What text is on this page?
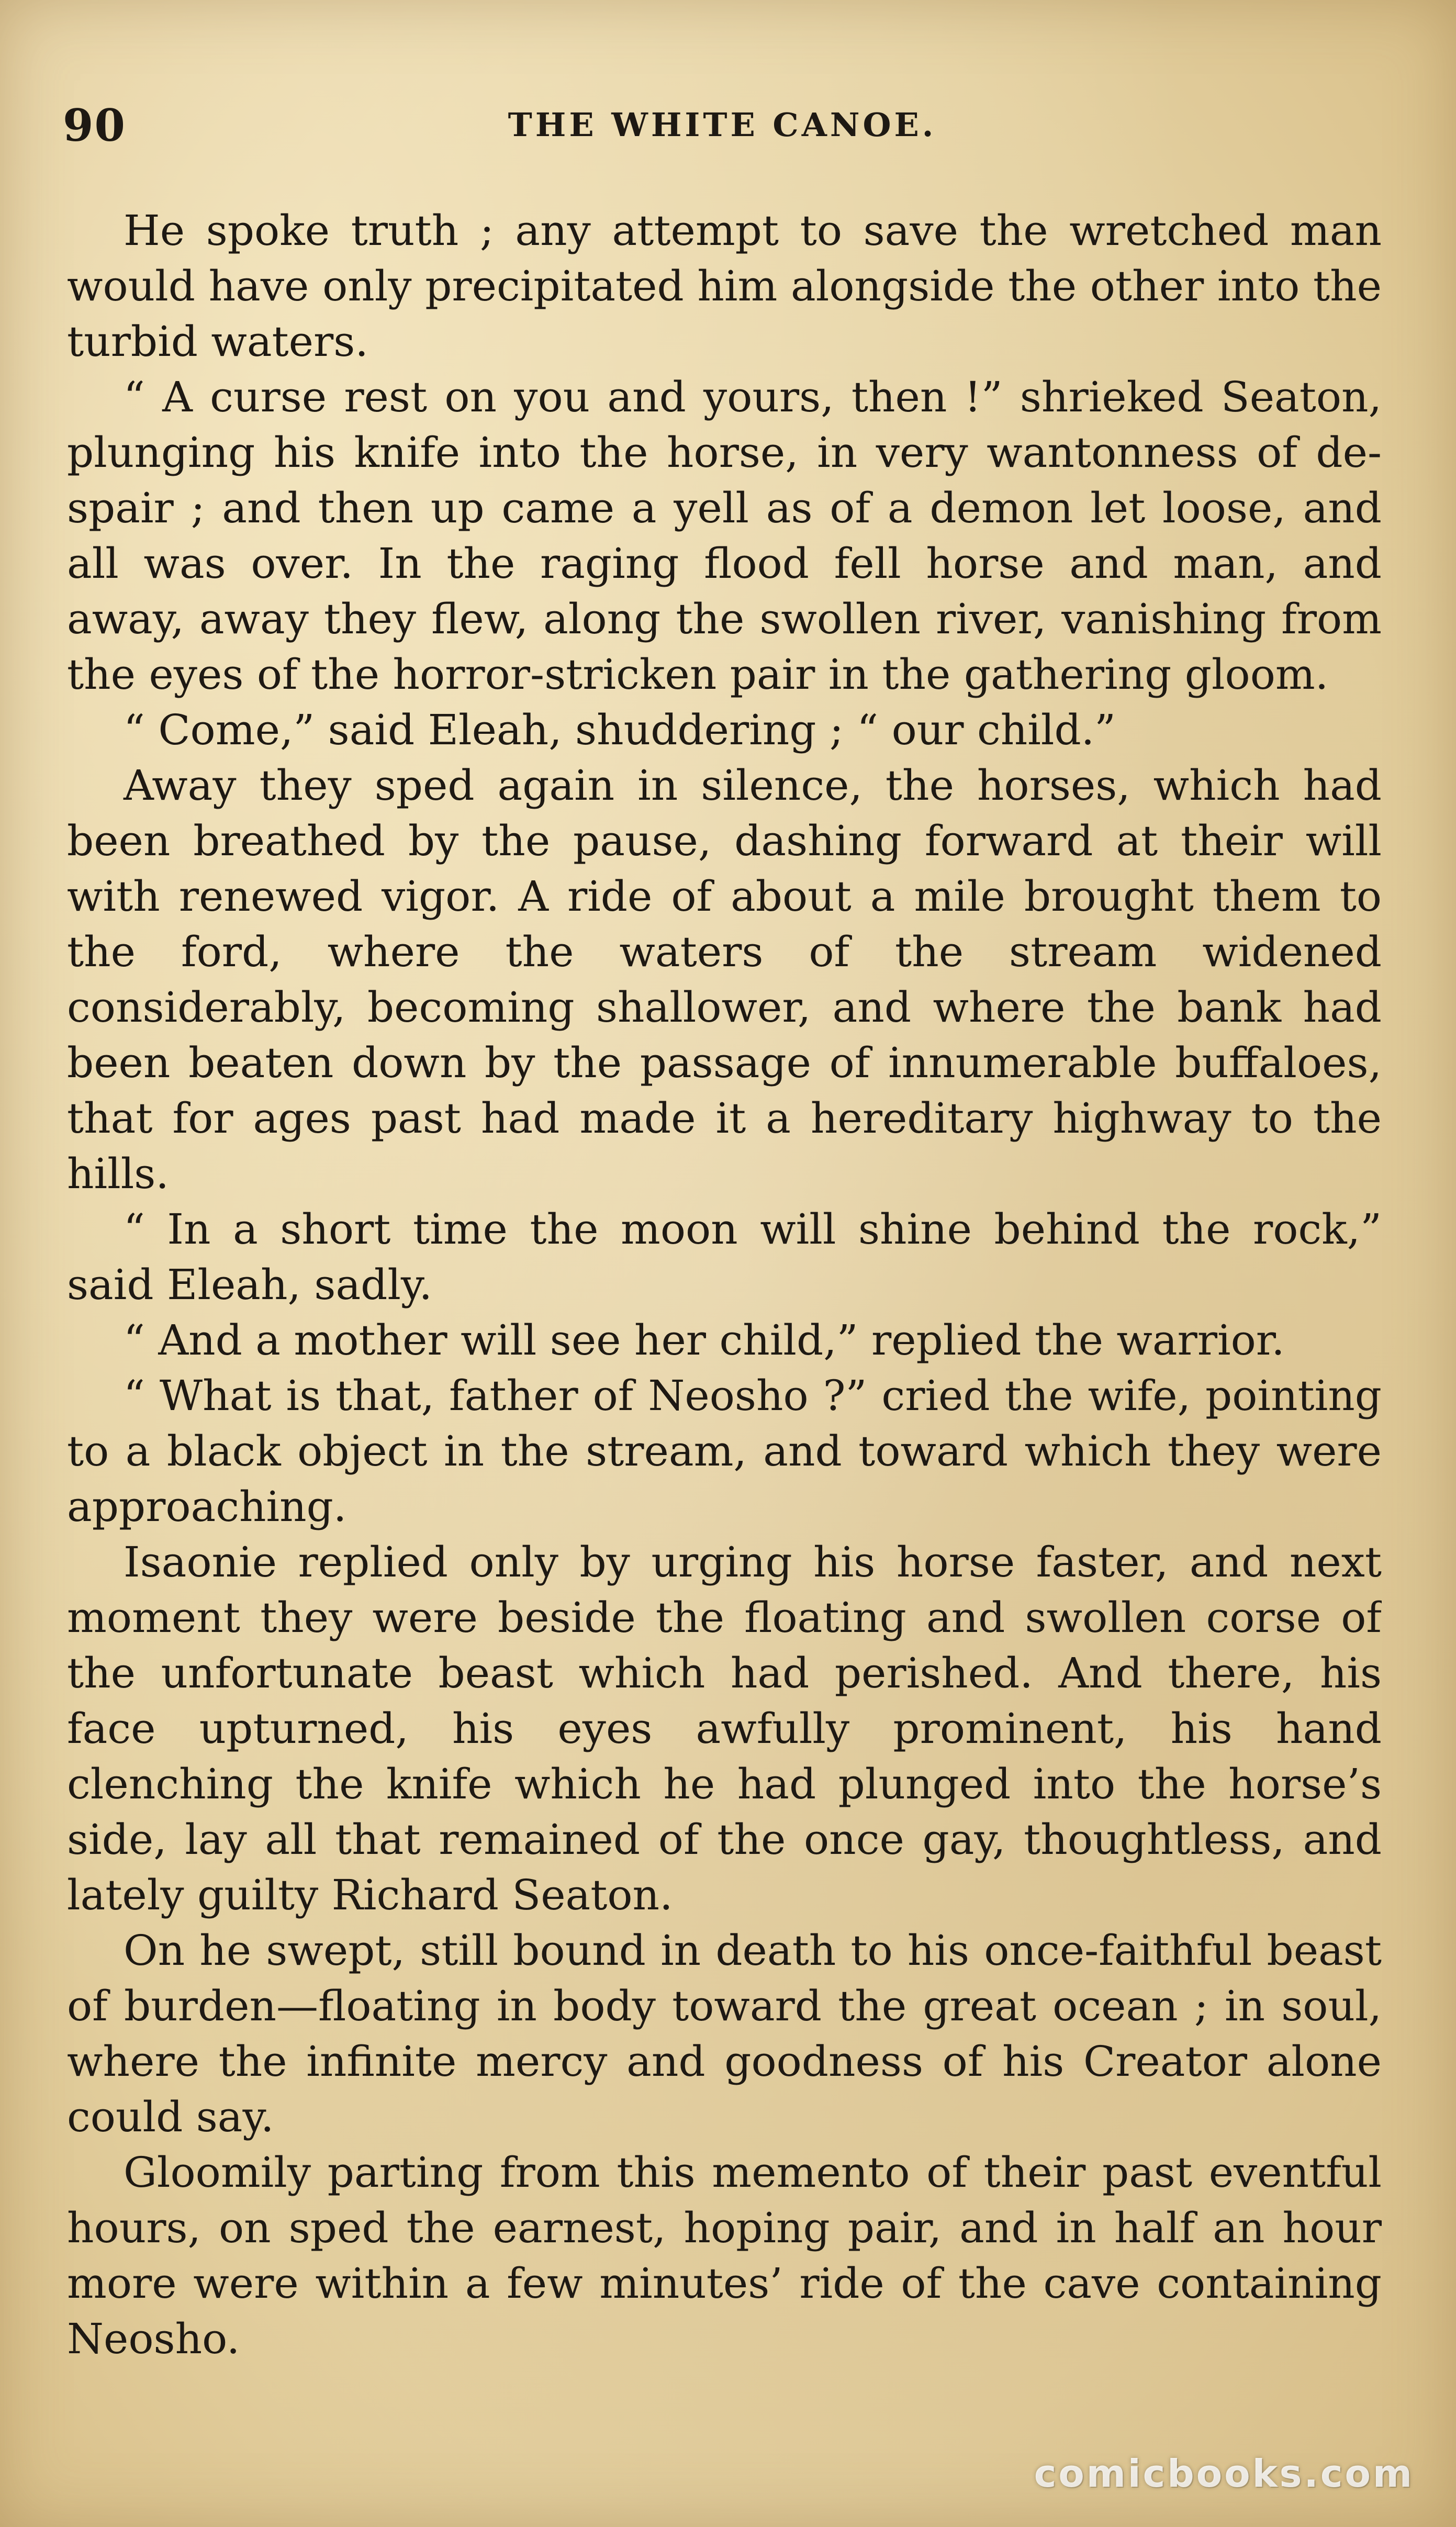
90	THE WHITE CANOE.

He spoke truth ; any attempt to save the wretched man would have only precipitated him alongside the other into the turbid waters.

“ A curse rest on you and yours, then !” shrieked Seaton, plunging his knife into the horse, in very wantonness of despair ; and then up came a yell as of a demon let loose, and all was over. In the raging flood fell horse and man, and away, away they flew, along the swollen river, vanishing from the eyes of the horror-stricken pair in the gathering gloom.

“ Come,” said Eleah, shuddering ; “ our child.”

Away they sped again in silence, the horses, which had been breathed by the pause, dashing forward at their will with renewed vigor. A ride of about a mile brought them to the ford, where the waters of the stream widened considerably, becoming shallower, and where the bank had been beaten down by the passage of innumerable buffaloes, that for ages past had made it a hereditary highway to the hills.

“ In a short time the moon will shine behind the rock,” said Eleah, sadly.

“ And a mother will see her child,” replied the warrior.

“ What is that, father of Neosho ?” cried the wife, pointing to a black object in the stream, and toward which they were approaching.

Isaonie replied only by urging his horse faster, and next moment they were beside the floating and swollen corse of the unfortunate beast which had perished. And there, his face upturned, his eyes awfully prominent, his hand clenching the knife which he had plunged into the horse’s side, lay all that remained of the once gay, thoughtless, and lately guilty Richard Seaton.

On he swept, still bound in death to his once-faithful beast of burden—floating in body toward the great ocean ; in soul, where the infinite mercy and goodness of his Creator alone could say.

Gloomily parting from this memento of their past eventful hours, on sped the earnest, hoping pair, and in half an hour more were within a few minutes’ ride of the cave containing Neosho.

comicbooks.com
